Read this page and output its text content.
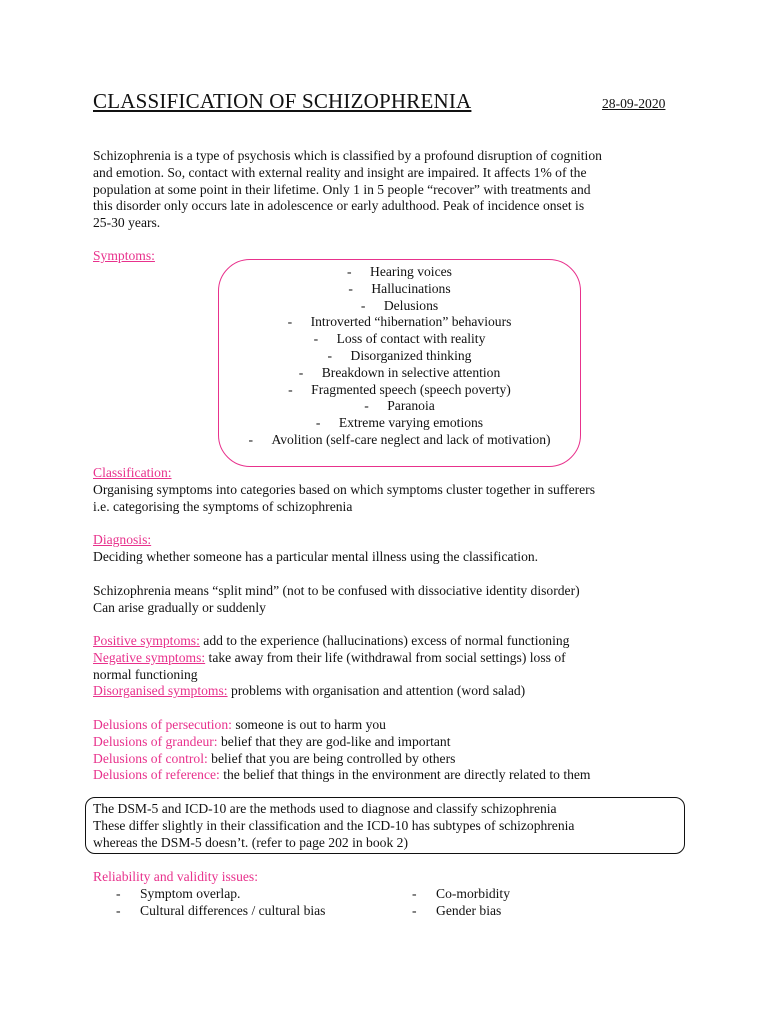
CLASSIFICATION OF SCHIZOPHRENIA	28-09-2020
Schizophrenia is a type of psychosis which is classified by a profound disruption of cognition
and emotion. So, contact with external reality and insight are impaired. It affects 1% of the
population at some point in their lifetime. Only 1 in 5 people “recover” with treatments and
this disorder only occurs late in adolescence or early adulthood. Peak of incidence onset is
25-30 years.
Symptoms:
-	Hearing voices
-	Hallucinations
-	Delusions
-	Introverted “hibernation” behaviours
-	Loss of contact with reality
-	Disorganized thinking
-	Breakdown in selective attention
-	Fragmented speech (speech poverty)
-	Paranoia
-	Extreme varying emotions
-	Avolition (self-care neglect and lack of motivation)
Classification:
Organising symptoms into categories based on which symptoms cluster together in sufferers
i.e. categorising the symptoms of schizophrenia
Diagnosis:
Deciding whether someone has a particular mental illness using the classification.
Schizophrenia means “split mind” (not to be confused with dissociative identity disorder)
Can arise gradually or suddenly
Positive symptoms: add to the experience (hallucinations) excess of normal functioning
Negative symptoms: take away from their life (withdrawal from social settings) loss of
normal functioning
Disorganised symptoms: problems with organisation and attention (word salad)
Delusions of persecution: someone is out to harm you
Delusions of grandeur: belief that they are god-like and important
Delusions of control: belief that you are being controlled by others
Delusions of reference: the belief that things in the environment are directly related to them
The DSM-5 and ICD-10 are the methods used to diagnose and classify schizophrenia
These differ slightly in their classification and the ICD-10 has subtypes of schizophrenia
whereas the DSM-5 doesn’t. (refer to page 202 in book 2)
Reliability and validity issues:
-	Symptom overlap.
-	Cultural differences / cultural bias
-	Co-morbidity
-	Gender bias
